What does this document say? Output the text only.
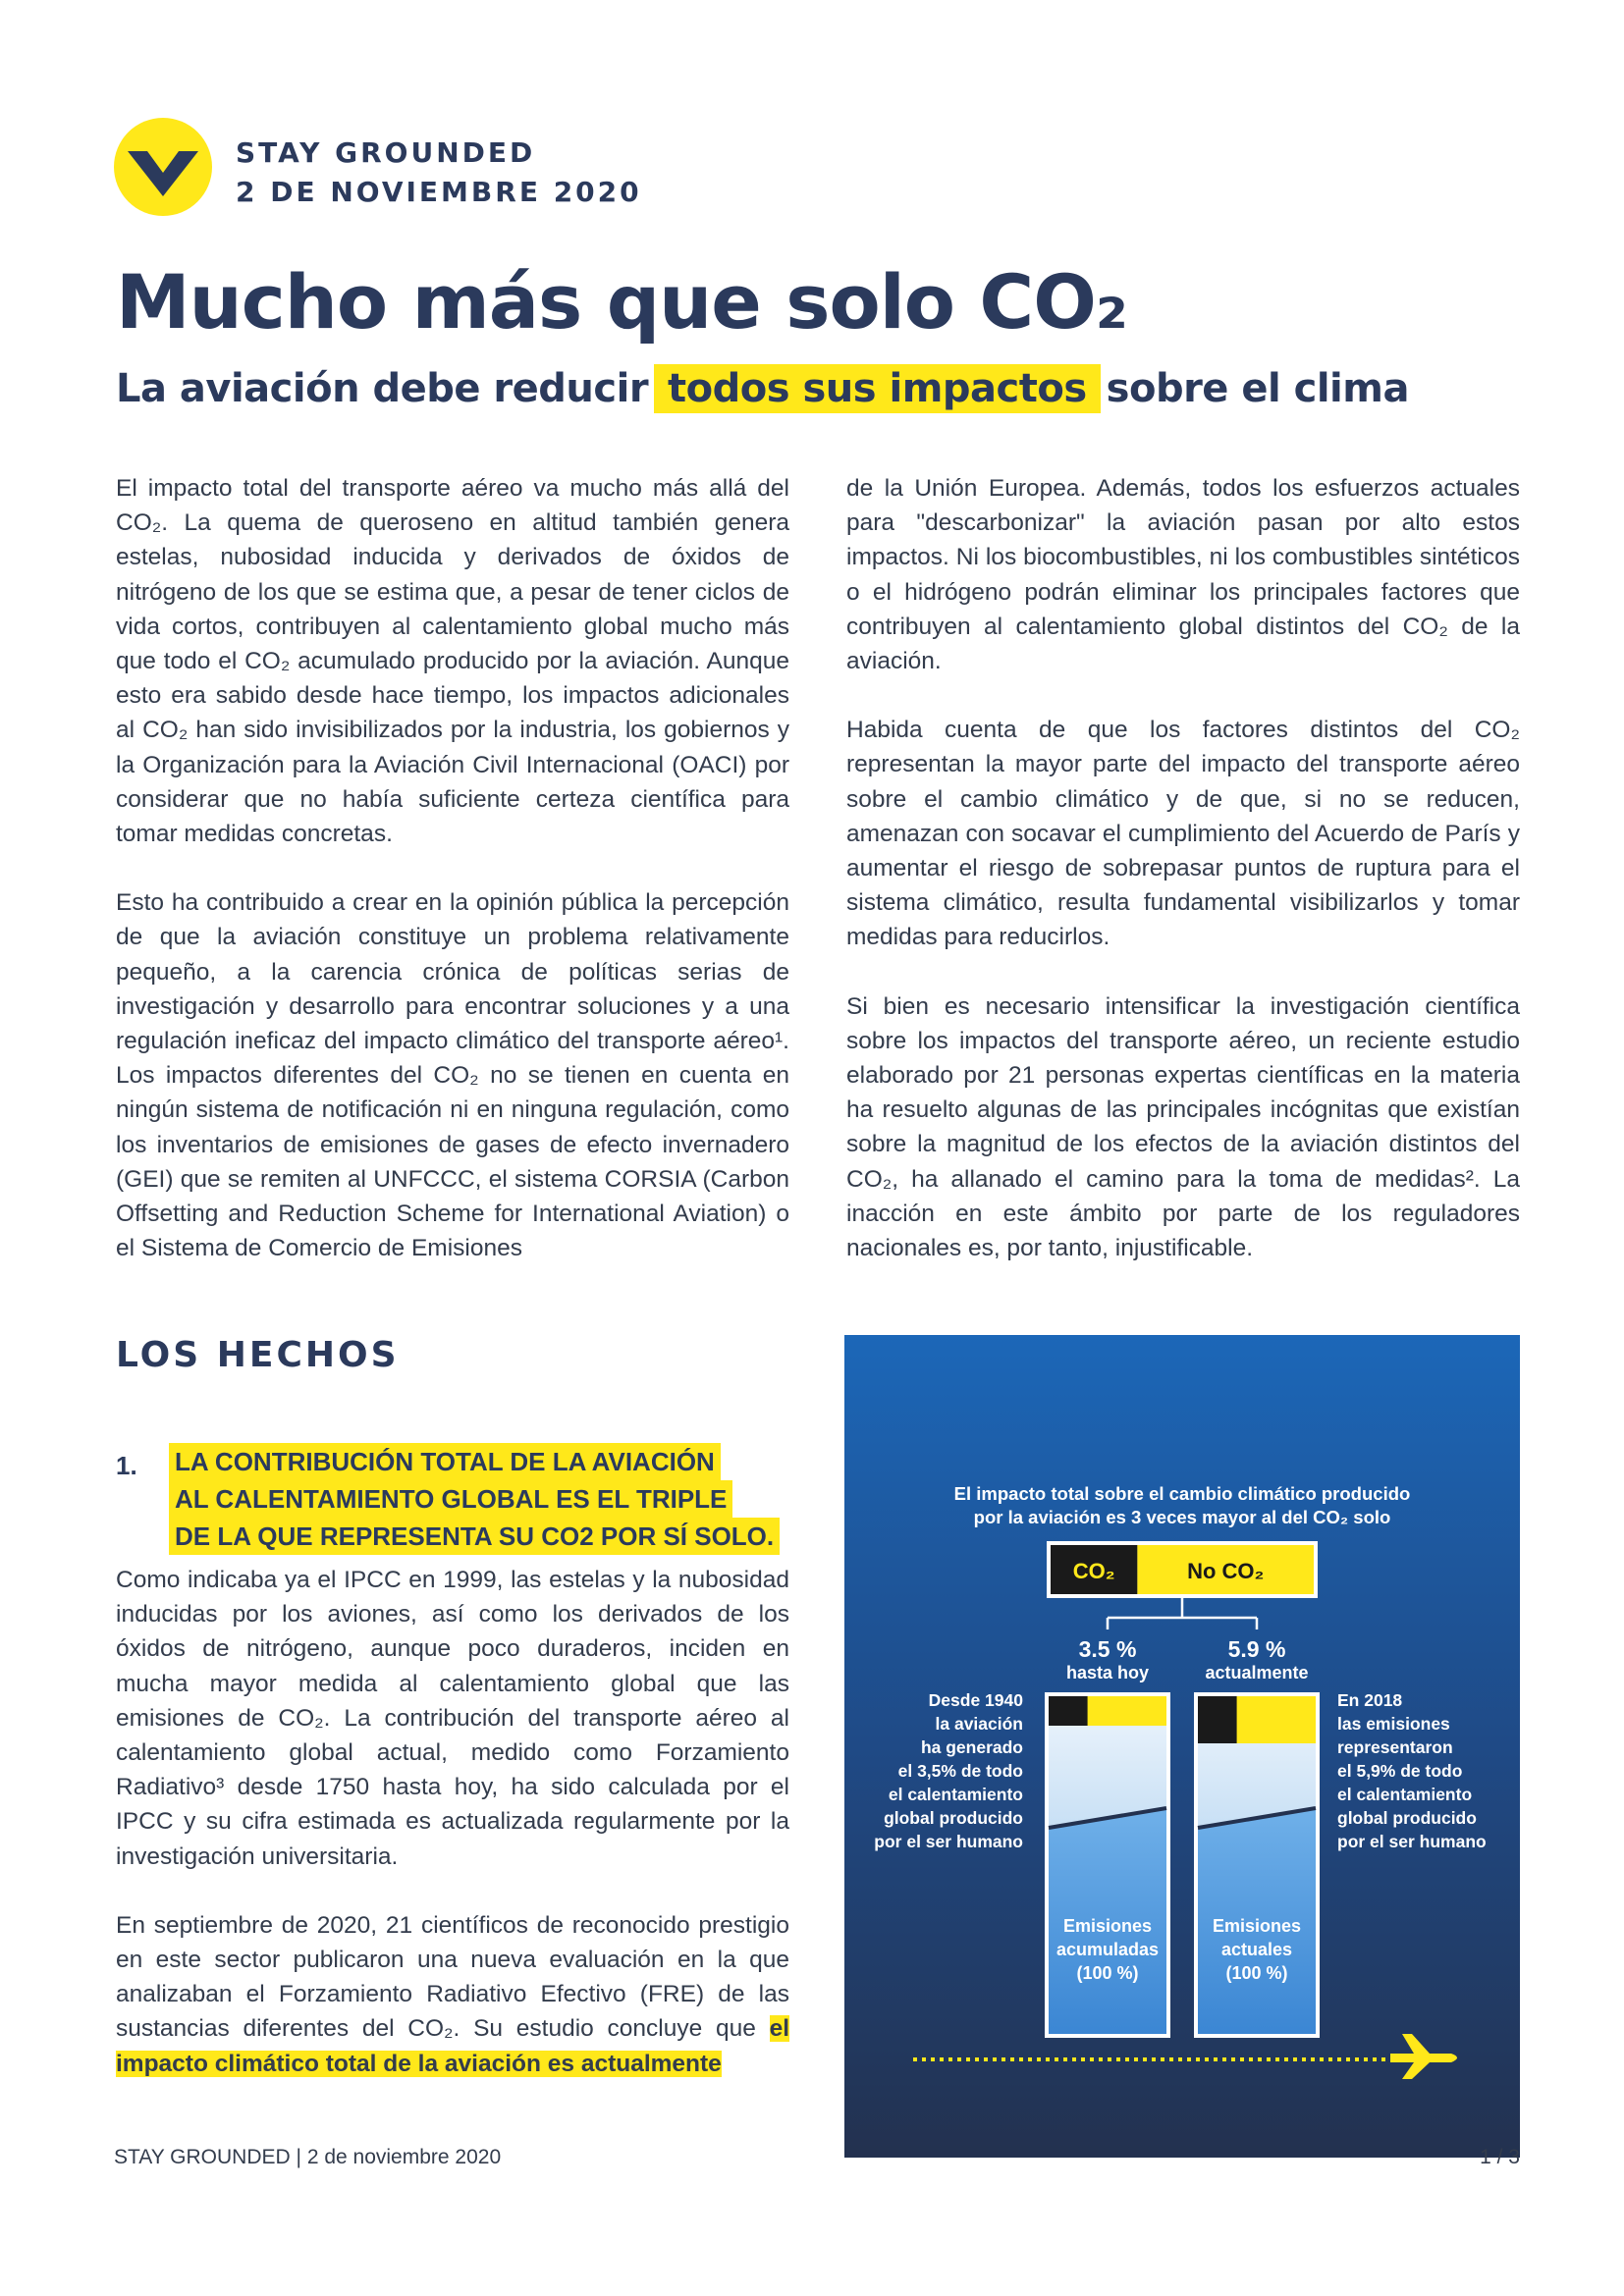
STAY GROUNDED
2 DE NOVIEMBRE 2020
Mucho más que solo CO₂
La aviación debe reducir todos sus impactos sobre el clima

El impacto total del transporte aéreo va mucho más allá del CO₂. La quema de queroseno en altitud también genera estelas, nubosidad inducida y derivados de óxidos de nitrógeno de los que se estima que, a pesar de tener ciclos de vida cortos, contribuyen al calentamiento global mucho más que todo el CO₂ acumulado producido por la aviación. Aunque esto era sabido desde hace tiempo, los impactos adicionales al CO₂ han sido invisibilizados por la industria, los gobiernos y la Organización para la Aviación Civil Internacional (OACI) por considerar que no había suficiente certeza científica para tomar medidas concretas.

Esto ha contribuido a crear en la opinión pública la percepción de que la aviación constituye un problema relativamente pequeño, a la carencia crónica de políticas serias de investigación y desarrollo para encontrar soluciones y a una regulación ineficaz del impacto climático del transporte aéreo¹. Los impactos diferentes del CO₂ no se tienen en cuenta en ningún sistema de notificación ni en ninguna regulación, como los inventarios de emisiones de gases de efecto invernadero (GEI) que se remiten al UNFCCC, el sistema CORSIA (Carbon Offsetting and Reduction Scheme for International Aviation) o el Sistema de Comercio de Emisiones

de la Unión Europea. Además, todos los esfuerzos actuales para "descarbonizar" la aviación pasan por alto estos impactos. Ni los biocombustibles, ni los combustibles sintéticos o el hidrógeno podrán eliminar los principales factores que contribuyen al calentamiento global distintos del CO₂ de la aviación.

Habida cuenta de que los factores distintos del CO₂ representan la mayor parte del impacto del transporte aéreo sobre el cambio climático y de que, si no se reducen, amenazan con socavar el cumplimiento del Acuerdo de París y aumentar el riesgo de sobrepasar puntos de ruptura para el sistema climático, resulta fundamental visibilizarlos y tomar medidas para reducirlos.

Si bien es necesario intensificar la investigación científica sobre los impactos del transporte aéreo, un reciente estudio elaborado por 21 personas expertas científicas en la materia ha resuelto algunas de las principales incógnitas que existían sobre la magnitud de los efectos de la aviación distintos del CO₂, ha allanado el camino para la toma de medidas². La inacción en este ámbito por parte de los reguladores nacionales es, por tanto, injustificable.

LOS HECHOS
1. LA CONTRIBUCIÓN TOTAL DE LA AVIACIÓN
AL CALENTAMIENTO GLOBAL ES EL TRIPLE
DE LA QUE REPRESENTA SU CO2 POR SÍ SOLO.

Como indicaba ya el IPCC en 1999, las estelas y la nubosidad inducidas por los aviones, así como los derivados de los óxidos de nitrógeno, aunque poco duraderos, inciden en mucha mayor medida al calentamiento global que las emisiones de CO₂. La contribución del transporte aéreo al calentamiento global actual, medido como Forzamiento Radiativo³ desde 1750 hasta hoy, ha sido calculada por el IPCC y su cifra estimada es actualizada regularmente por la investigación universitaria.

En septiembre de 2020, 21 científicos de reconocido prestigio en este sector publicaron una nueva evaluación en la que analizaban el Forzamiento Radiativo Efectivo (FRE) de las sustancias diferentes del CO₂. Su estudio concluye que el impacto climático total de la aviación es actualmente

El impacto total sobre el cambio climático producido
por la aviación es 3 veces mayor al del CO₂ solo
CO₂	No CO₂
3.5 %
hasta hoy
5.9 %
actualmente
Emisiones
acumuladas
(100 %)
Emisiones
actuales
(100 %)
Desde 1940
la aviación
ha generado
el 3,5% de todo
el calentamiento
global producido
por el ser humano
En 2018
las emisiones
representaron
el 5,9% de todo
el calentamiento
global producido
por el ser humano
STAY GROUNDED | 2 de noviembre 2020	1 / 3
